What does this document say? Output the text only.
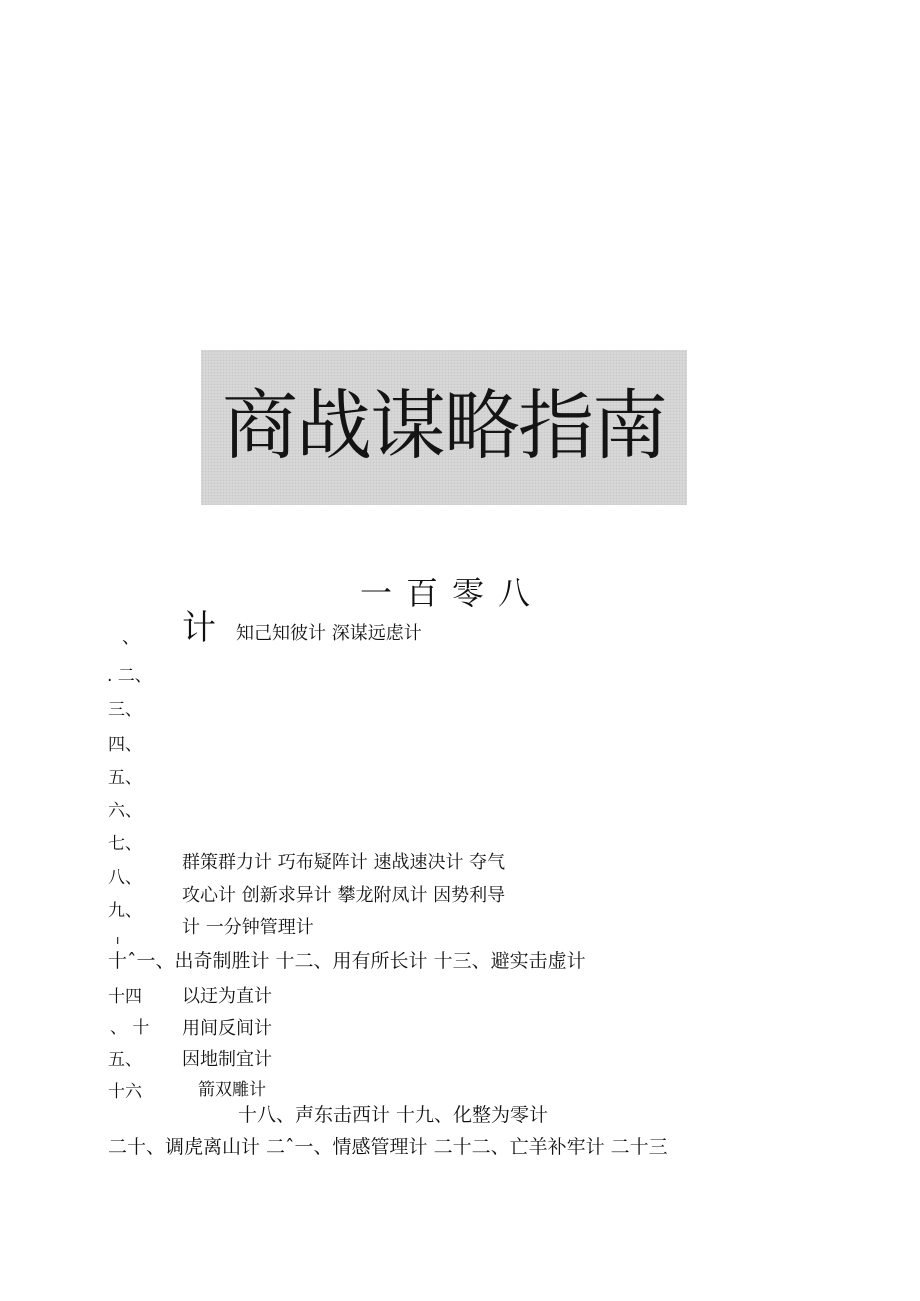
商战谋略指南
一百零八
计 知己知彼计 深谋远虑计
、
. 二、
三、
四、
五、
六、
七、
八、
九、
ı
群策群力计 巧布疑阵计 速战速决计 夺气
攻心计 创新求异计 攀龙附凤计 因势利导
计 一分钟管理计
十ˆ一、出奇制胜计 十二、用有所长计 十三、避实击虚计
十四
、 十
五、
十六
以迂为直计
用间反间计
因地制宜计
箭双雕计
十八、声东击西计 十九、化整为零计
二十、调虎离山计 二ˆ一、情感管理计 二十二、亡羊补牢计 二十三
